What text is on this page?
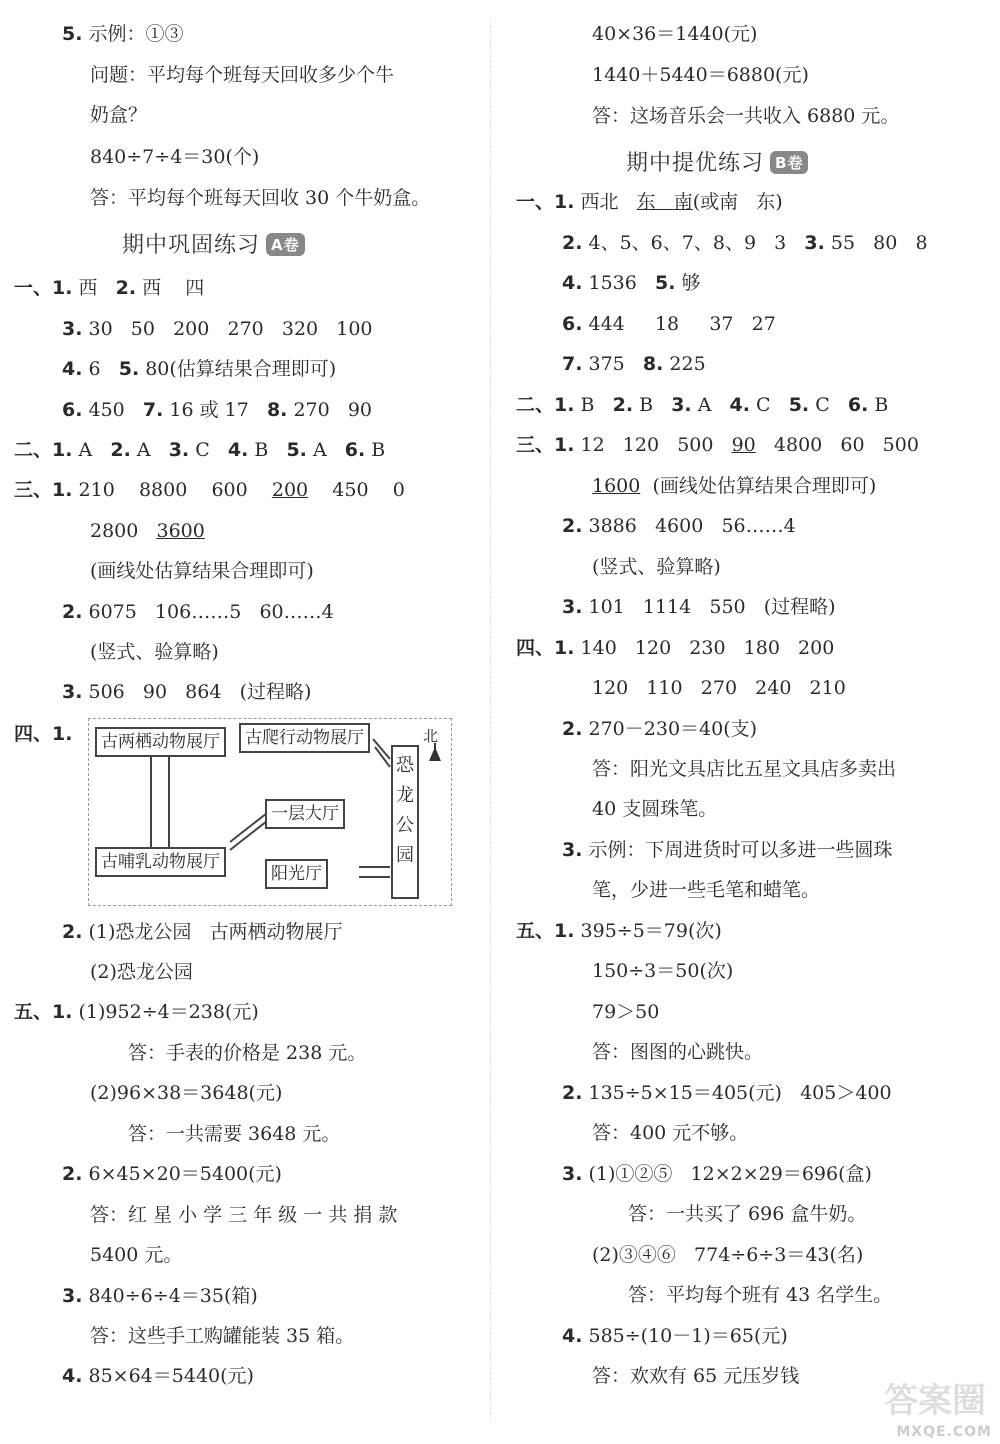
5. 示例：①③
问题：平均每个班每天回收多少个牛
奶盒？
840÷7÷4＝30(个)
答：平均每个班每天回收 30 个牛奶盒。
期中巩固练习 A卷
一、1. 西   2. 西    四
3. 30   50   200   270   320   100
4. 6   5. 80(估算结果合理即可)
6. 450   7. 16 或 17   8. 270   90
二、1. A   2. A   3. C   4. B   5. A   6. B
三、1. 210    8800    600    200    450    0
2800   3600
(画线处估算结果合理即可)
2. 6075   106……5   60……4
(竖式、验算略)
3. 506   90   864   (过程略)
四、1.	古两栖动物展厅	古爬行动物展厅
一层大厅
古哺乳动物展厅
阳光厅
恐
龙
公
园
北
2. (1)恐龙公园   古两栖动物展厅
(2)恐龙公园
五、1. (1)952÷4＝238(元)
答：手表的价格是 238 元。
(2)96×38＝3648(元)
答：一共需要 3648 元。
2. 6×45×20＝5400(元)
答：红 星 小 学 三 年 级 一 共 捐 款
5400 元。
3. 840÷6÷4＝35(箱)
答：这些手工购罐能装 35 箱。
4. 85×64＝5440(元)
40×36＝1440(元)
1440＋5440＝6880(元)
答：这场音乐会一共收入 6880 元。
期中提优练习 B卷
一、1. 西北   东   南(或南   东)
2. 4、5、6、7、8、9   3   3. 55   80   8
4. 1536   5. 够
6. 444     18     37   27
7. 375   8. 225
二、1. B   2. B   3. A   4. C   5. C   6. B
三、1. 12   120   500   90   4800   60   500
1600  (画线处估算结果合理即可)
2. 3886   4600   56……4
(竖式、验算略)
3. 101   1114   550   (过程略)
四、1. 140   120   230   180   200
120   110   270   240   210
2. 270－230＝40(支)
答：阳光文具店比五星文具店多卖出
40 支圆珠笔。
3. 示例：下周进货时可以多进一些圆珠
笔，少进一些毛笔和蜡笔。
五、1. 395÷5＝79(次)
150÷3＝50(次)
79＞50
答：图图的心跳快。
2. 135÷5×15＝405(元)   405＞400
答：400 元不够。
3. (1)①②⑤   12×2×29＝696(盒)
答：一共买了 696 盒牛奶。
(2)③④⑥   774÷6÷3＝43(名)
答：平均每个班有 43 名学生。
4. 585÷(10－1)＝65(元)
答：欢欢有 65 元压岁钱
答案圈
MXQE.COM
